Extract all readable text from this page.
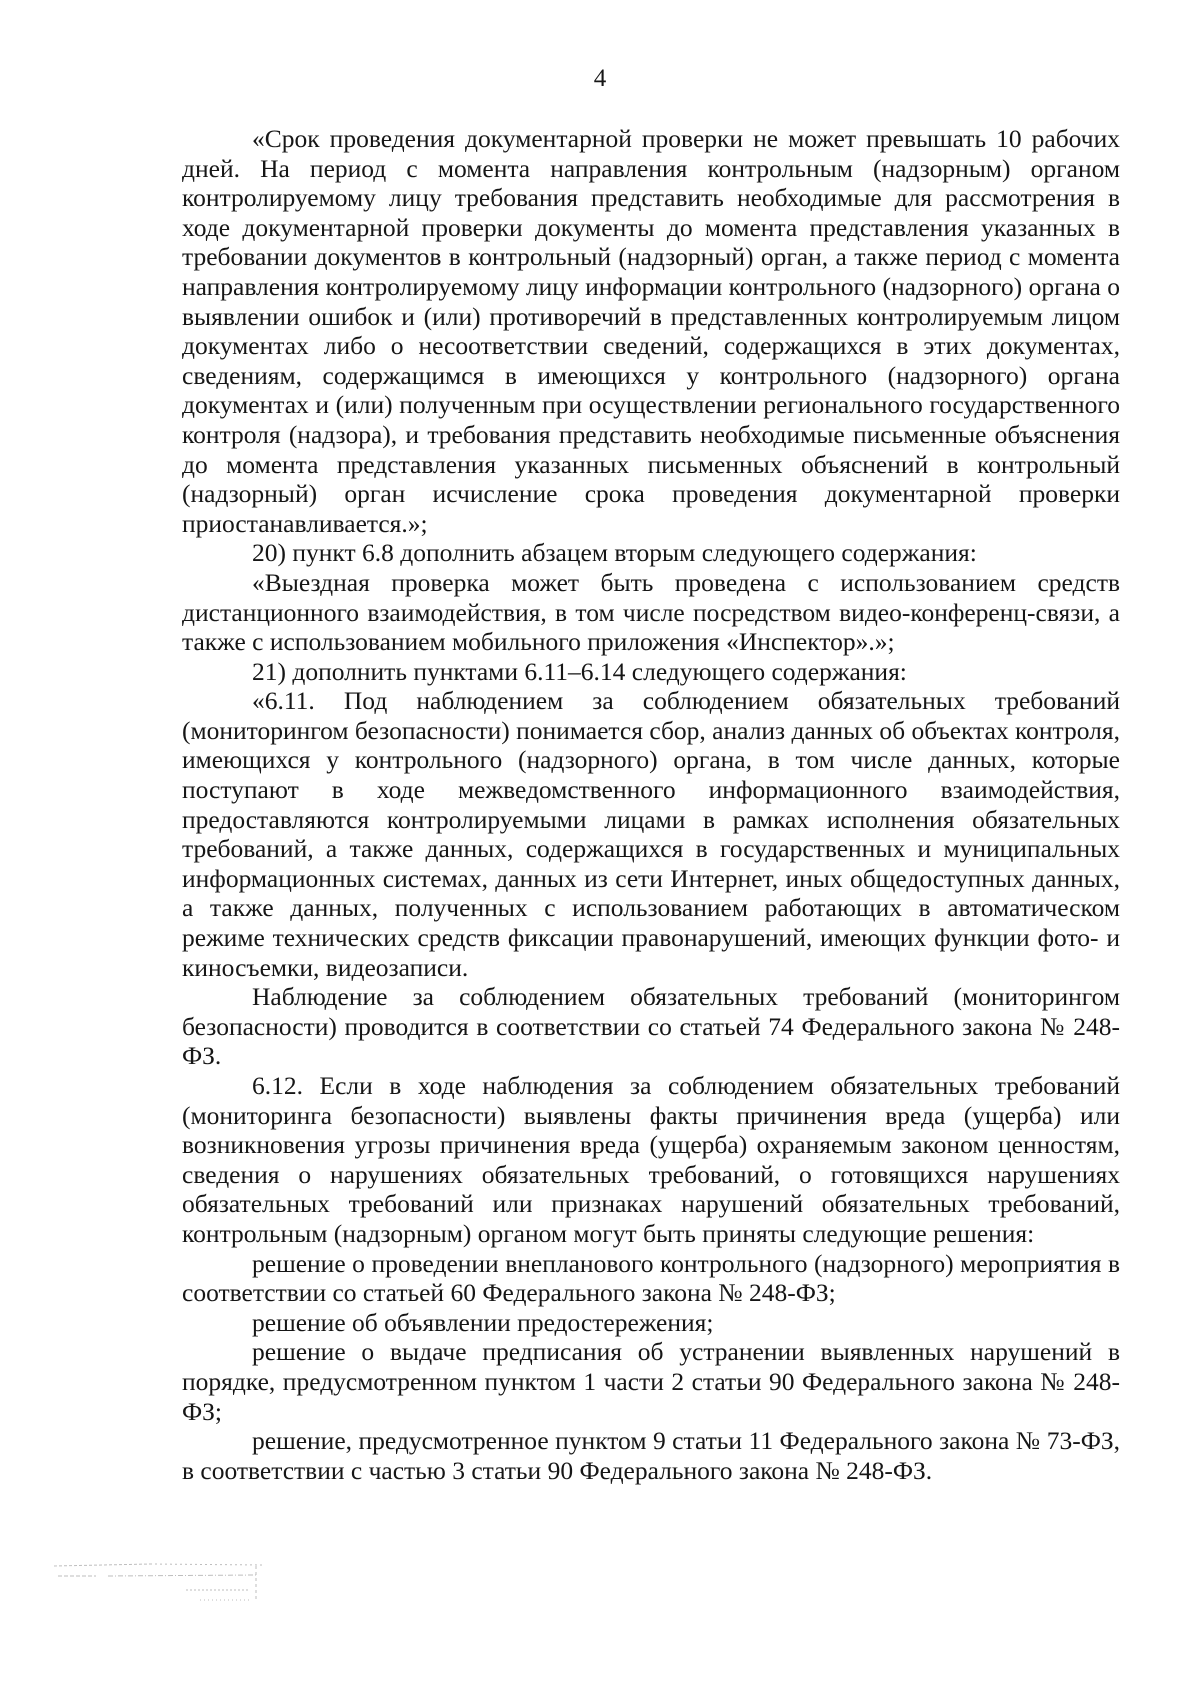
4

«Срок проведения документарной проверки не может превышать 10 рабочих дней. На период с момента направления контрольным (надзорным) органом контролируемому лицу требования представить необходимые для рассмотрения в ходе документарной проверки документы до момента представления указанных в требовании документов в контрольный (надзорный) орган, а также период с момента направления контролируемому лицу информации контрольного (надзорного) органа о выявлении ошибок и (или) противоречий в представленных контролируемым лицом документах либо о несоответствии сведений, содержащихся в этих документах, сведениям, содержащимся в имеющихся у контрольного (надзорного) органа документах и (или) полученным при осуществлении регионального государственного контроля (надзора), и требования представить необходимые письменные объяснения до момента представления указанных письменных объяснений в контрольный (надзорный) орган исчисление срока проведения документарной проверки приостанавливается.»;

20) пункт 6.8 дополнить абзацем вторым следующего содержания:

«Выездная проверка может быть проведена с использованием средств дистанционного взаимодействия, в том числе посредством видео-конференц-связи, а также с использованием мобильного приложения «Инспектор».»;

21) дополнить пунктами 6.11–6.14 следующего содержания:

«6.11. Под наблюдением за соблюдением обязательных требований (мониторингом безопасности) понимается сбор, анализ данных об объектах контроля, имеющихся у контрольного (надзорного) органа, в том числе данных, которые поступают в ходе межведомственного информационного взаимодействия, предоставляются контролируемыми лицами в рамках исполнения обязательных требований, а также данных, содержащихся в государственных и муниципальных информационных системах, данных из сети Интернет, иных общедоступных данных, а также данных, полученных с использованием работающих в автоматическом режиме технических средств фиксации правонарушений, имеющих функции фото- и киносъемки, видеозаписи.

Наблюдение за соблюдением обязательных требований (мониторингом безопасности) проводится в соответствии со статьей 74 Федерального закона № 248-ФЗ.

6.12. Если в ходе наблюдения за соблюдением обязательных требований (мониторинга безопасности) выявлены факты причинения вреда (ущерба) или возникновения угрозы причинения вреда (ущерба) охраняемым законом ценностям, сведения о нарушениях обязательных требований, о готовящихся нарушениях обязательных требований или признаках нарушений обязательных требований, контрольным (надзорным) органом могут быть приняты следующие решения:

решение о проведении внепланового контрольного (надзорного) мероприятия в соответствии со статьей 60 Федерального закона № 248-ФЗ;

решение об объявлении предостережения;

решение о выдаче предписания об устранении выявленных нарушений в порядке, предусмотренном пунктом 1 части 2 статьи 90 Федерального закона № 248-ФЗ;

решение, предусмотренное пунктом 9 статьи 11 Федерального закона № 73-ФЗ, в соответствии с частью 3 статьи 90 Федерального закона № 248-ФЗ.
